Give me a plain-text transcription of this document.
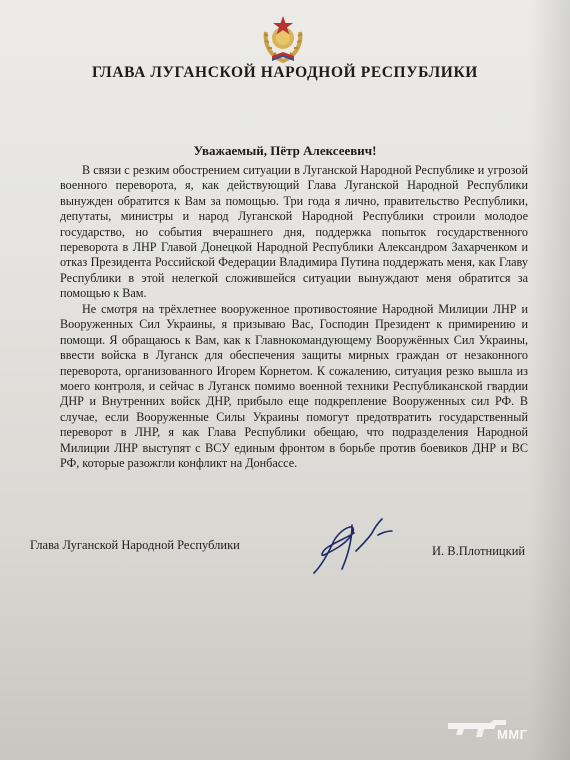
ГЛАВА ЛУГАНСКОЙ НАРОДНОЙ РЕСПУБЛИКИ
Уважаемый, Пётр Алексеевич!

В связи с резким обострением ситуации в Луганской Народной Республике и угрозой военного переворота, я, как действующий Глава Луганской Народной Республики вынужден обратится к Вам за помощью. Три года я лично, правительство Республики, депутаты, министры и народ Луганской Народной Республики строили молодое государство, но события вчерашнего дня, поддержка попыток государственного переворота в ЛНР Главой Донецкой Народной Республики Александром Захарченком и отказ Президента Российской Федерации Владимира Путина поддержать меня, как Главу Республики в этой нелегкой сложившейся ситуации вынуждают меня обратится за помощью к Вам.

Не смотря на трёхлетнее вооруженное противостояние Народной Милиции ЛНР и Вооруженных Сил Украины, я призываю Вас, Господин Президент к примирению и помощи. Я обращаюсь к Вам, как к Главнокомандующему Вооружённых Сил Украины, ввести войска в Луганск для обеспечения защиты мирных граждан от незаконного переворота, организованного Игорем Корнетом. К сожалению, ситуация резко вышла из моего контроля, и сейчас в Луганск помимо военной техники Республиканской гвардии ДНР и Внутренних войск ДНР, прибыло еще подкрепление Вооруженных сил РФ. В случае, если Вооруженные Силы Украины помогут предотвратить государственный переворот в ЛНР, я как Глава Республики обещаю, что подразделения Народной Милиции ЛНР выступят с ВСУ единым фронтом в борьбе против боевиков ДНР и ВС РФ, которые разожгли конфликт на Донбассе.

Глава Луганской Народной Республики	И. В.Плотницкий
ММГ
